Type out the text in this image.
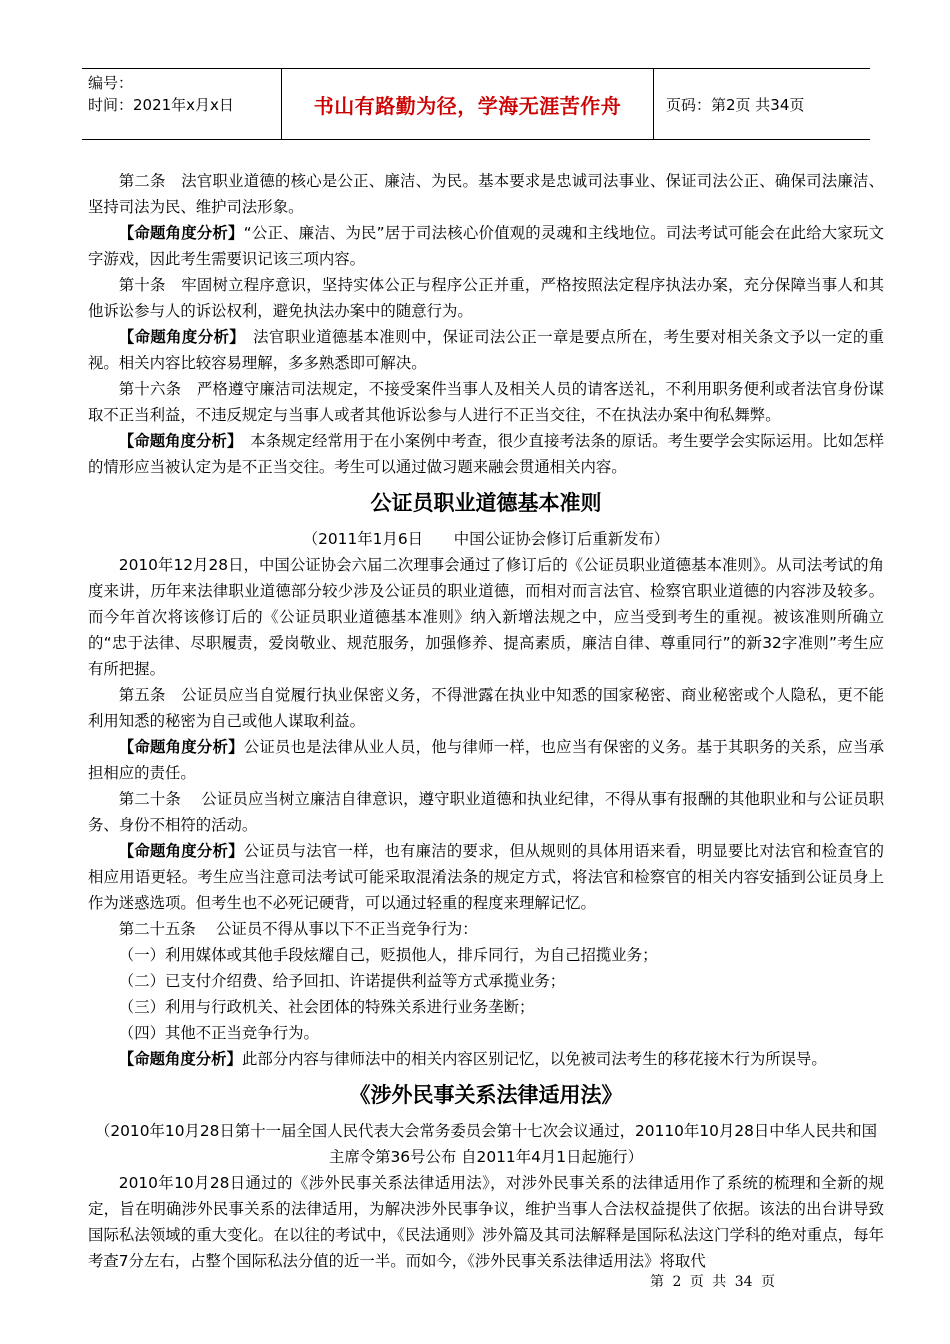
编号：
时间：2021年x月x日	书山有路勤为径，学海无涯苦作舟	页码：第2页 共34页

第二条　法官职业道德的核心是公正、廉洁、为民。基本要求是忠诚司法事业、保证司法公正、确保司法廉洁、坚持司法为民、维护司法形象。

【命题角度分析】“公正、廉洁、为民”居于司法核心价值观的灵魂和主线地位。司法考试可能会在此给大家玩文字游戏，因此考生需要识记该三项内容。

第十条　牢固树立程序意识，坚持实体公正与程序公正并重，严格按照法定程序执法办案，充分保障当事人和其他诉讼参与人的诉讼权利，避免执法办案中的随意行为。

【命题角度分析】　法官职业道德基本准则中，保证司法公正一章是要点所在，考生要对相关条文予以一定的重视。相关内容比较容易理解，多多熟悉即可解决。

第十六条　严格遵守廉洁司法规定，不接受案件当事人及相关人员的请客送礼，不利用职务便利或者法官身份谋取不正当利益，不违反规定与当事人或者其他诉讼参与人进行不正当交往，不在执法办案中徇私舞弊。

【命题角度分析】　本条规定经常用于在小案例中考查，很少直接考法条的原话。考生要学会实际运用。比如怎样的情形应当被认定为是不正当交往。考生可以通过做习题来融会贯通相关内容。

公证员职业道德基本准则

（2011年1月6日　　中国公证协会修订后重新发布）

2010年12月28日，中国公证协会六届二次理事会通过了修订后的《公证员职业道德基本准则》。从司法考试的角度来讲，历年来法律职业道德部分较少涉及公证员的职业道德，而相对而言法官、检察官职业道德的内容涉及较多。而今年首次将该修订后的《公证员职业道德基本准则》纳入新增法规之中，应当受到考生的重视。被该准则所确立的“忠于法律、尽职履责，爱岗敬业、规范服务，加强修养、提高素质，廉洁自律、尊重同行”的新32字准则”考生应有所把握。

第五条　公证员应当自觉履行执业保密义务，不得泄露在执业中知悉的国家秘密、商业秘密或个人隐私，更不能利用知悉的秘密为自己或他人谋取利益。

【命题角度分析】公证员也是法律从业人员，他与律师一样，也应当有保密的义务。基于其职务的关系，应当承担相应的责任。

第二十条　 公证员应当树立廉洁自律意识，遵守职业道德和执业纪律，不得从事有报酬的其他职业和与公证员职务、身份不相符的活动。

【命题角度分析】公证员与法官一样，也有廉洁的要求，但从规则的具体用语来看，明显要比对法官和检查官的相应用语更轻。考生应当注意司法考试可能采取混淆法条的规定方式，将法官和检察官的相关内容安插到公证员身上作为迷惑选项。但考生也不必死记硬背，可以通过轻重的程度来理解记忆。

第二十五条　 公证员不得从事以下不正当竞争行为：

（一）利用媒体或其他手段炫耀自己，贬损他人，排斥同行，为自己招揽业务；

（二）已支付介绍费、给予回扣、许诺提供利益等方式承揽业务；

（三）利用与行政机关、社会团体的特殊关系进行业务垄断；

（四）其他不正当竞争行为。

【命题角度分析】此部分内容与律师法中的相关内容区别记忆，以免被司法考生的移花接木行为所误导。

《涉外民事关系法律适用法》

（2010年10月28日第十一届全国人民代表大会常务委员会第十七次会议通过，20110年10月28日中华人民共和国主席令第36号公布 自2011年4月1日起施行）

2010年10月28日通过的《涉外民事关系法律适用法》，对涉外民事关系的法律适用作了系统的梳理和全新的规定，旨在明确涉外民事关系的法律适用，为解决涉外民事争议，维护当事人合法权益提供了依据。该法的出台讲导致国际私法领域的重大变化。在以往的考试中，《民法通则》涉外篇及其司法解释是国际私法这门学科的绝对重点，每年考查7分左右，占整个国际私法分值的近一半。而如今，《涉外民事关系法律适用法》将取代

第 2 页 共 34 页
